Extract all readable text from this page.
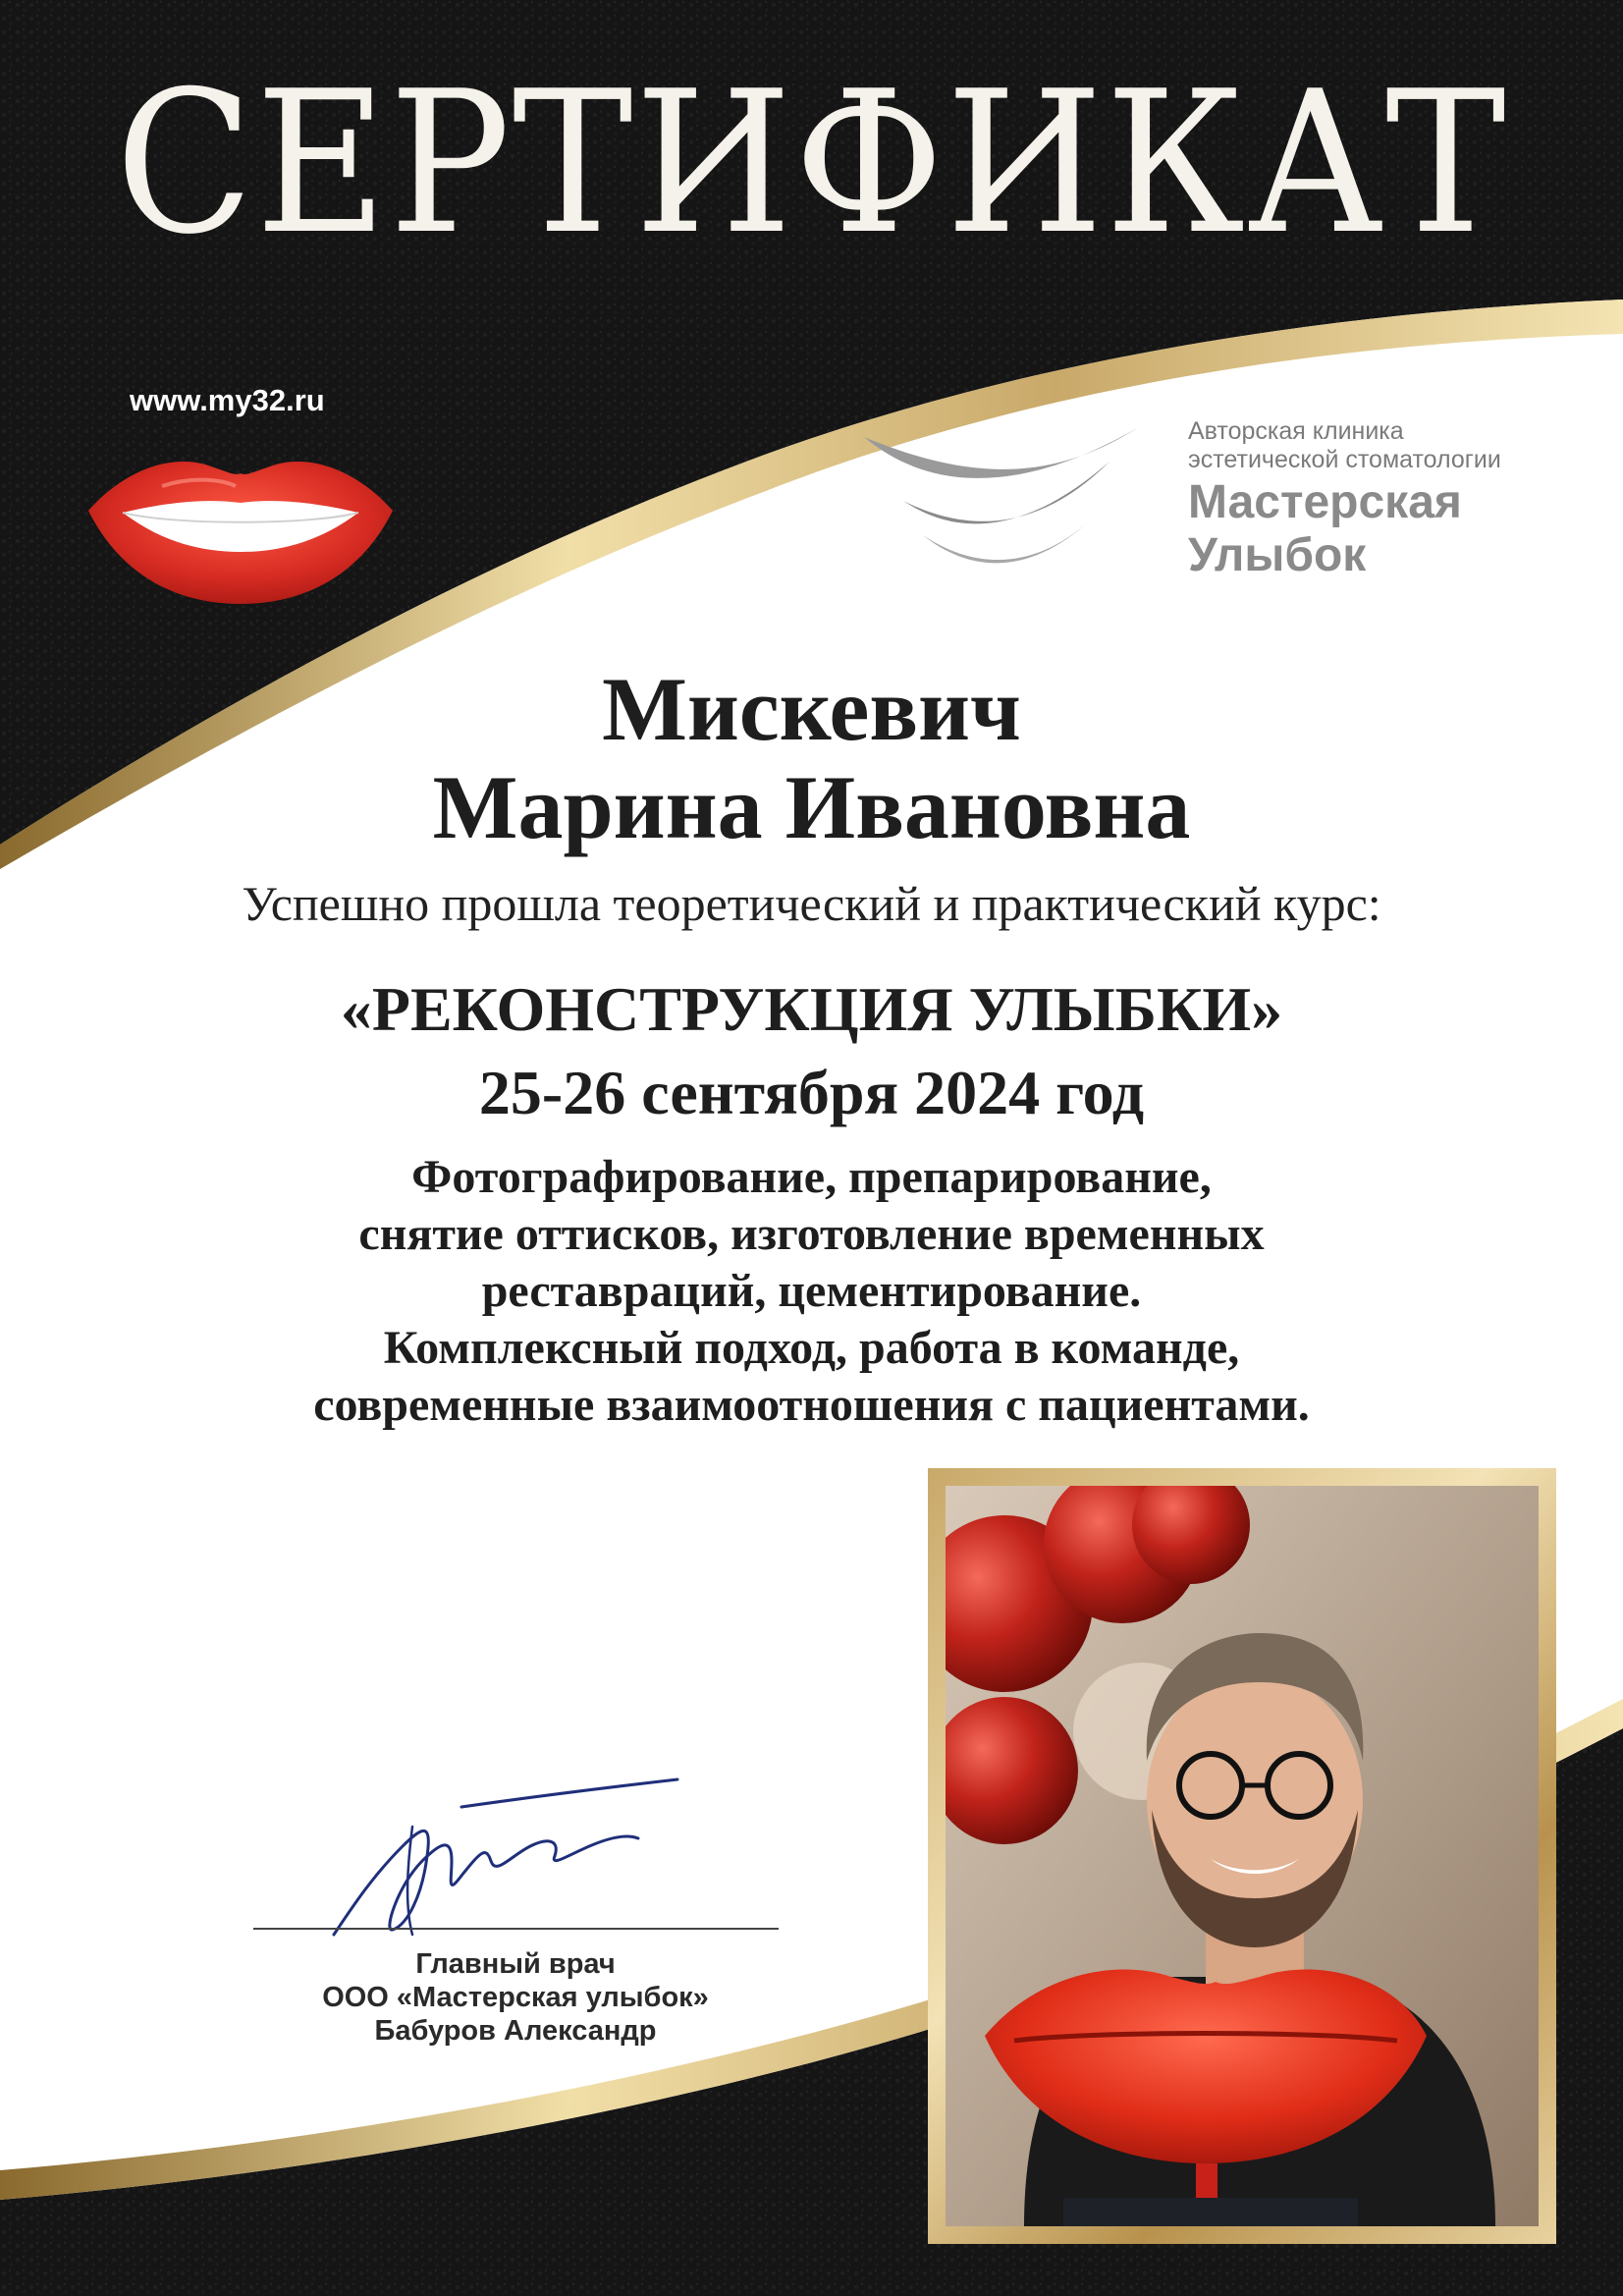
СЕРТИФИКАТ
www.my32.ru
Авторская клиника
эстетической стоматологии
Мастерская
Улыбок
Мискевич
Марина Ивановна
Успешно прошла теоретический и практический курс:
«РЕКОНСТРУКЦИЯ УЛЫБКИ»
25-26 сентября 2024 год
Фотографирование, препарирование,
снятие оттисков, изготовление временных
реставраций, цементирование.
Комплексный подход, работа в команде,
современные взаимоотношения с пациентами.
Главный врач
ООО «Мастерская улыбок»
Бабуров Александр
